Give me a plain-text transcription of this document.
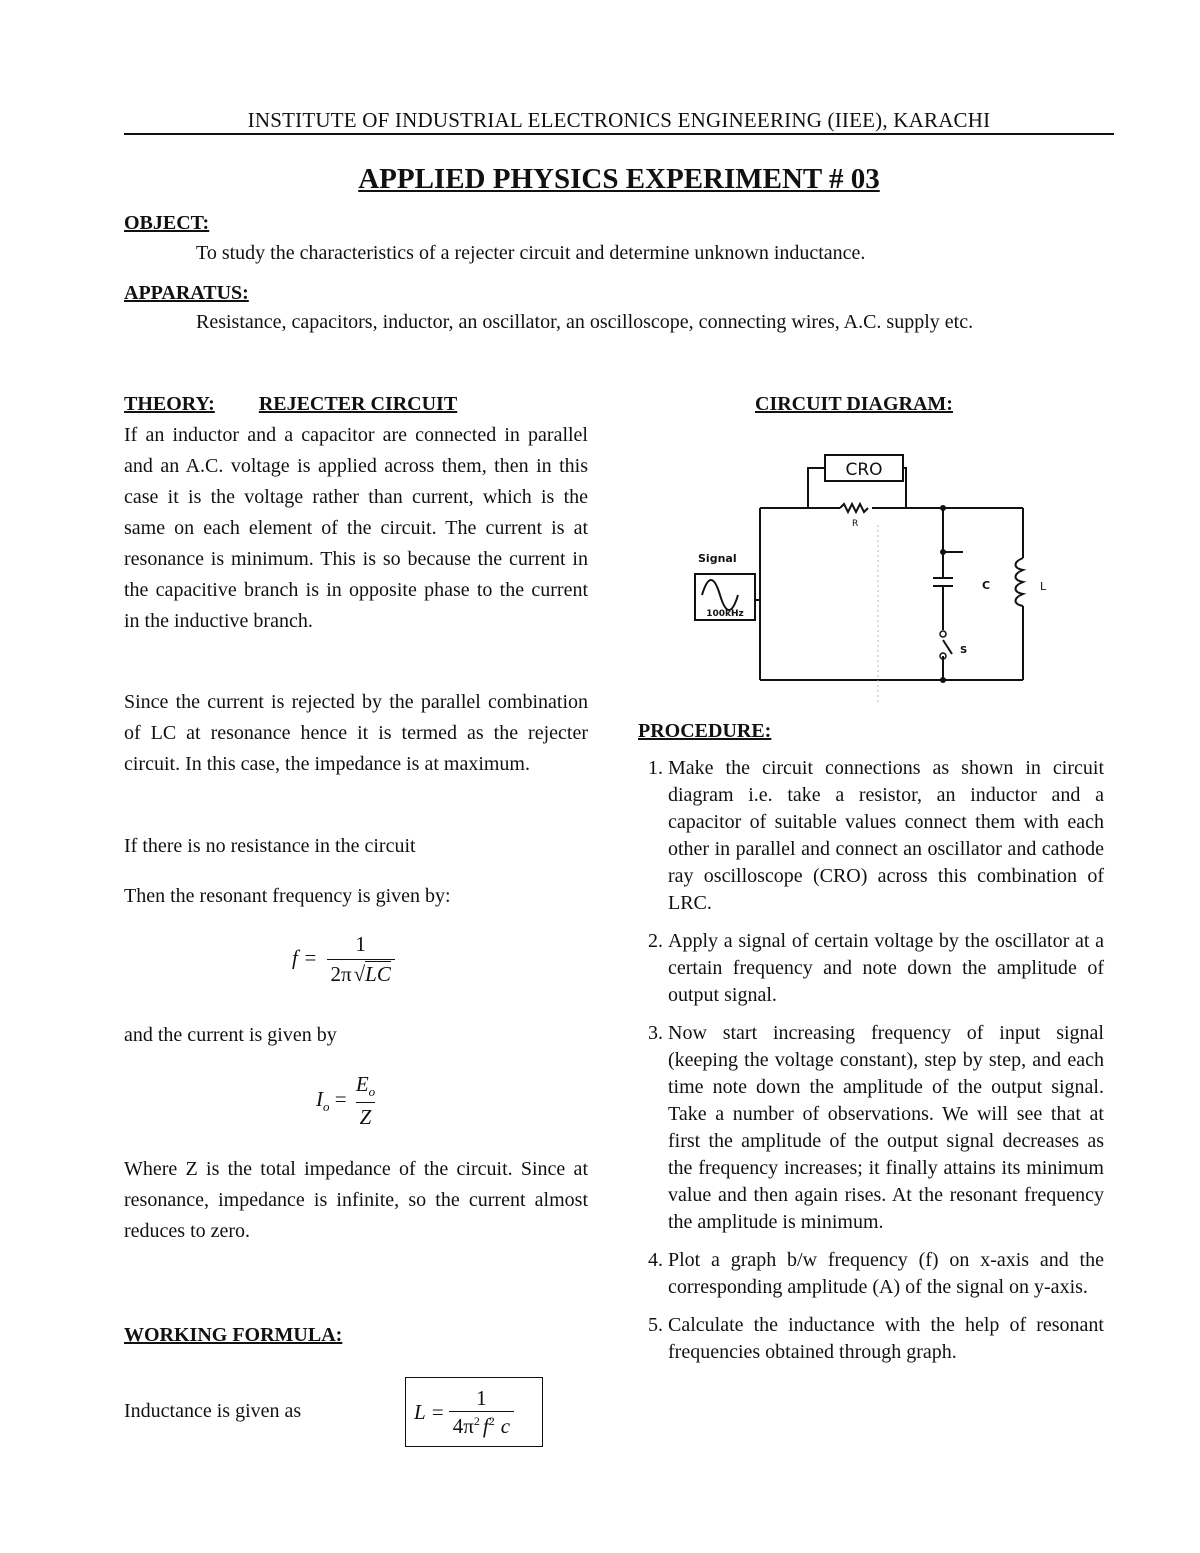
INSTITUTE OF INDUSTRIAL ELECTRONICS ENGINEERING (IIEE), KARACHI
APPLIED PHYSICS EXPERIMENT # 03
OBJECT:
To study the characteristics of a rejecter circuit and determine unknown inductance.
APPARATUS:
Resistance, capacitors, inductor, an oscillator, an oscilloscope, connecting wires, A.C. supply etc.
THEORY: REJECTER CIRCUIT
If an inductor and a capacitor are connected in parallel and an A.C. voltage is applied across them, then in this case it is the voltage rather than current, which is the same on each element of the circuit. The current is at resonance is minimum. This is so because the current in the capacitive branch is in opposite phase to the current in the inductive branch.
Since the current is rejected by the parallel combination of LC at resonance hence it is termed as the rejecter circuit. In this case, the impedance is at maximum.
If there is no resistance in the circuit
Then the resonant frequency is given by:
$f = \frac{1}{2\pi√LC}$
and the current is given by
$I_o = \frac{E_o}{Z}$
Where Z is the total impedance of the circuit. Since at resonance, impedance is infinite, so the current almost reduces to zero.
WORKING FORMULA:
Inductance is given as	$L = \frac{1}{4\pi^2 f^2 c}$
CIRCUIT DIAGRAM:
CRO
R
Signal
100kHz
C	L
S
PROCEDURE:
1. Make the circuit connections as shown in circuit diagram i.e. take a resistor, an inductor and a capacitor of suitable values connect them with each other in parallel and connect an oscillator and cathode ray oscilloscope (CRO) across this combination of LRC.
2. Apply a signal of certain voltage by the oscillator at a certain frequency and note down the amplitude of output signal.
3. Now start increasing frequency of input signal (keeping the voltage constant), step by step, and each time note down the amplitude of the output signal. Take a number of observations. We will see that at first the amplitude of the output signal decreases as the frequency increases; it finally attains its minimum value and then again rises. At the resonant frequency the amplitude is minimum.
4. Plot a graph b/w frequency (f) on x-axis and the corresponding amplitude (A) of the signal on y-axis.
5. Calculate the inductance with the help of resonant frequencies obtained through graph.
